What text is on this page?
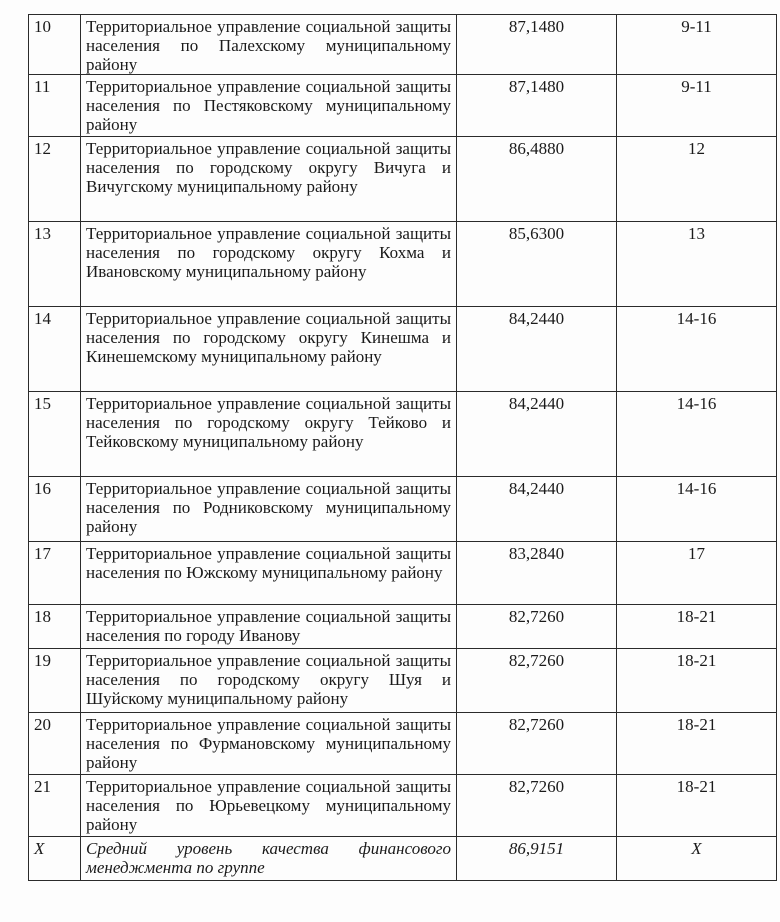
10	Территориальное управление социальной защиты населения по Палехскому муниципальному району	87,1480	9-11
11	Территориальное управление социальной защиты населения по Пестяковскому муниципальному району	87,1480	9-11
12	Территориальное управление социальной защиты населения по городскому округу Вичуга и Вичугскому муниципальному району	86,4880	12
13	Территориальное управление социальной защиты населения по городскому округу Кохма и Ивановскому муниципальному району	85,6300	13
14	Территориальное управление социальной защиты населения по городскому округу Кинешма и Кинешемскому муниципальному району	84,2440	14-16
15	Территориальное управление социальной защиты населения по городскому округу Тейково и Тейковскому муниципальному району	84,2440	14-16
16	Территориальное управление социальной защиты населения по Родниковскому муниципальному району	84,2440	14-16
17	Территориальное управление социальной защиты населения по Южскому муниципальному району	83,2840	17
18	Территориальное управление социальной защиты населения по городу Иванову	82,7260	18-21
19	Территориальное управление социальной защиты населения по городскому округу Шуя и Шуйскому муниципальному району	82,7260	18-21
20	Территориальное управление социальной защиты населения по Фурмановскому муниципальному району	82,7260	18-21
21	Территориальное управление социальной защиты населения по Юрьевецкому муниципальному району	82,7260	18-21
X	Средний уровень качества финансового менеджмента по группе	86,9151	X
